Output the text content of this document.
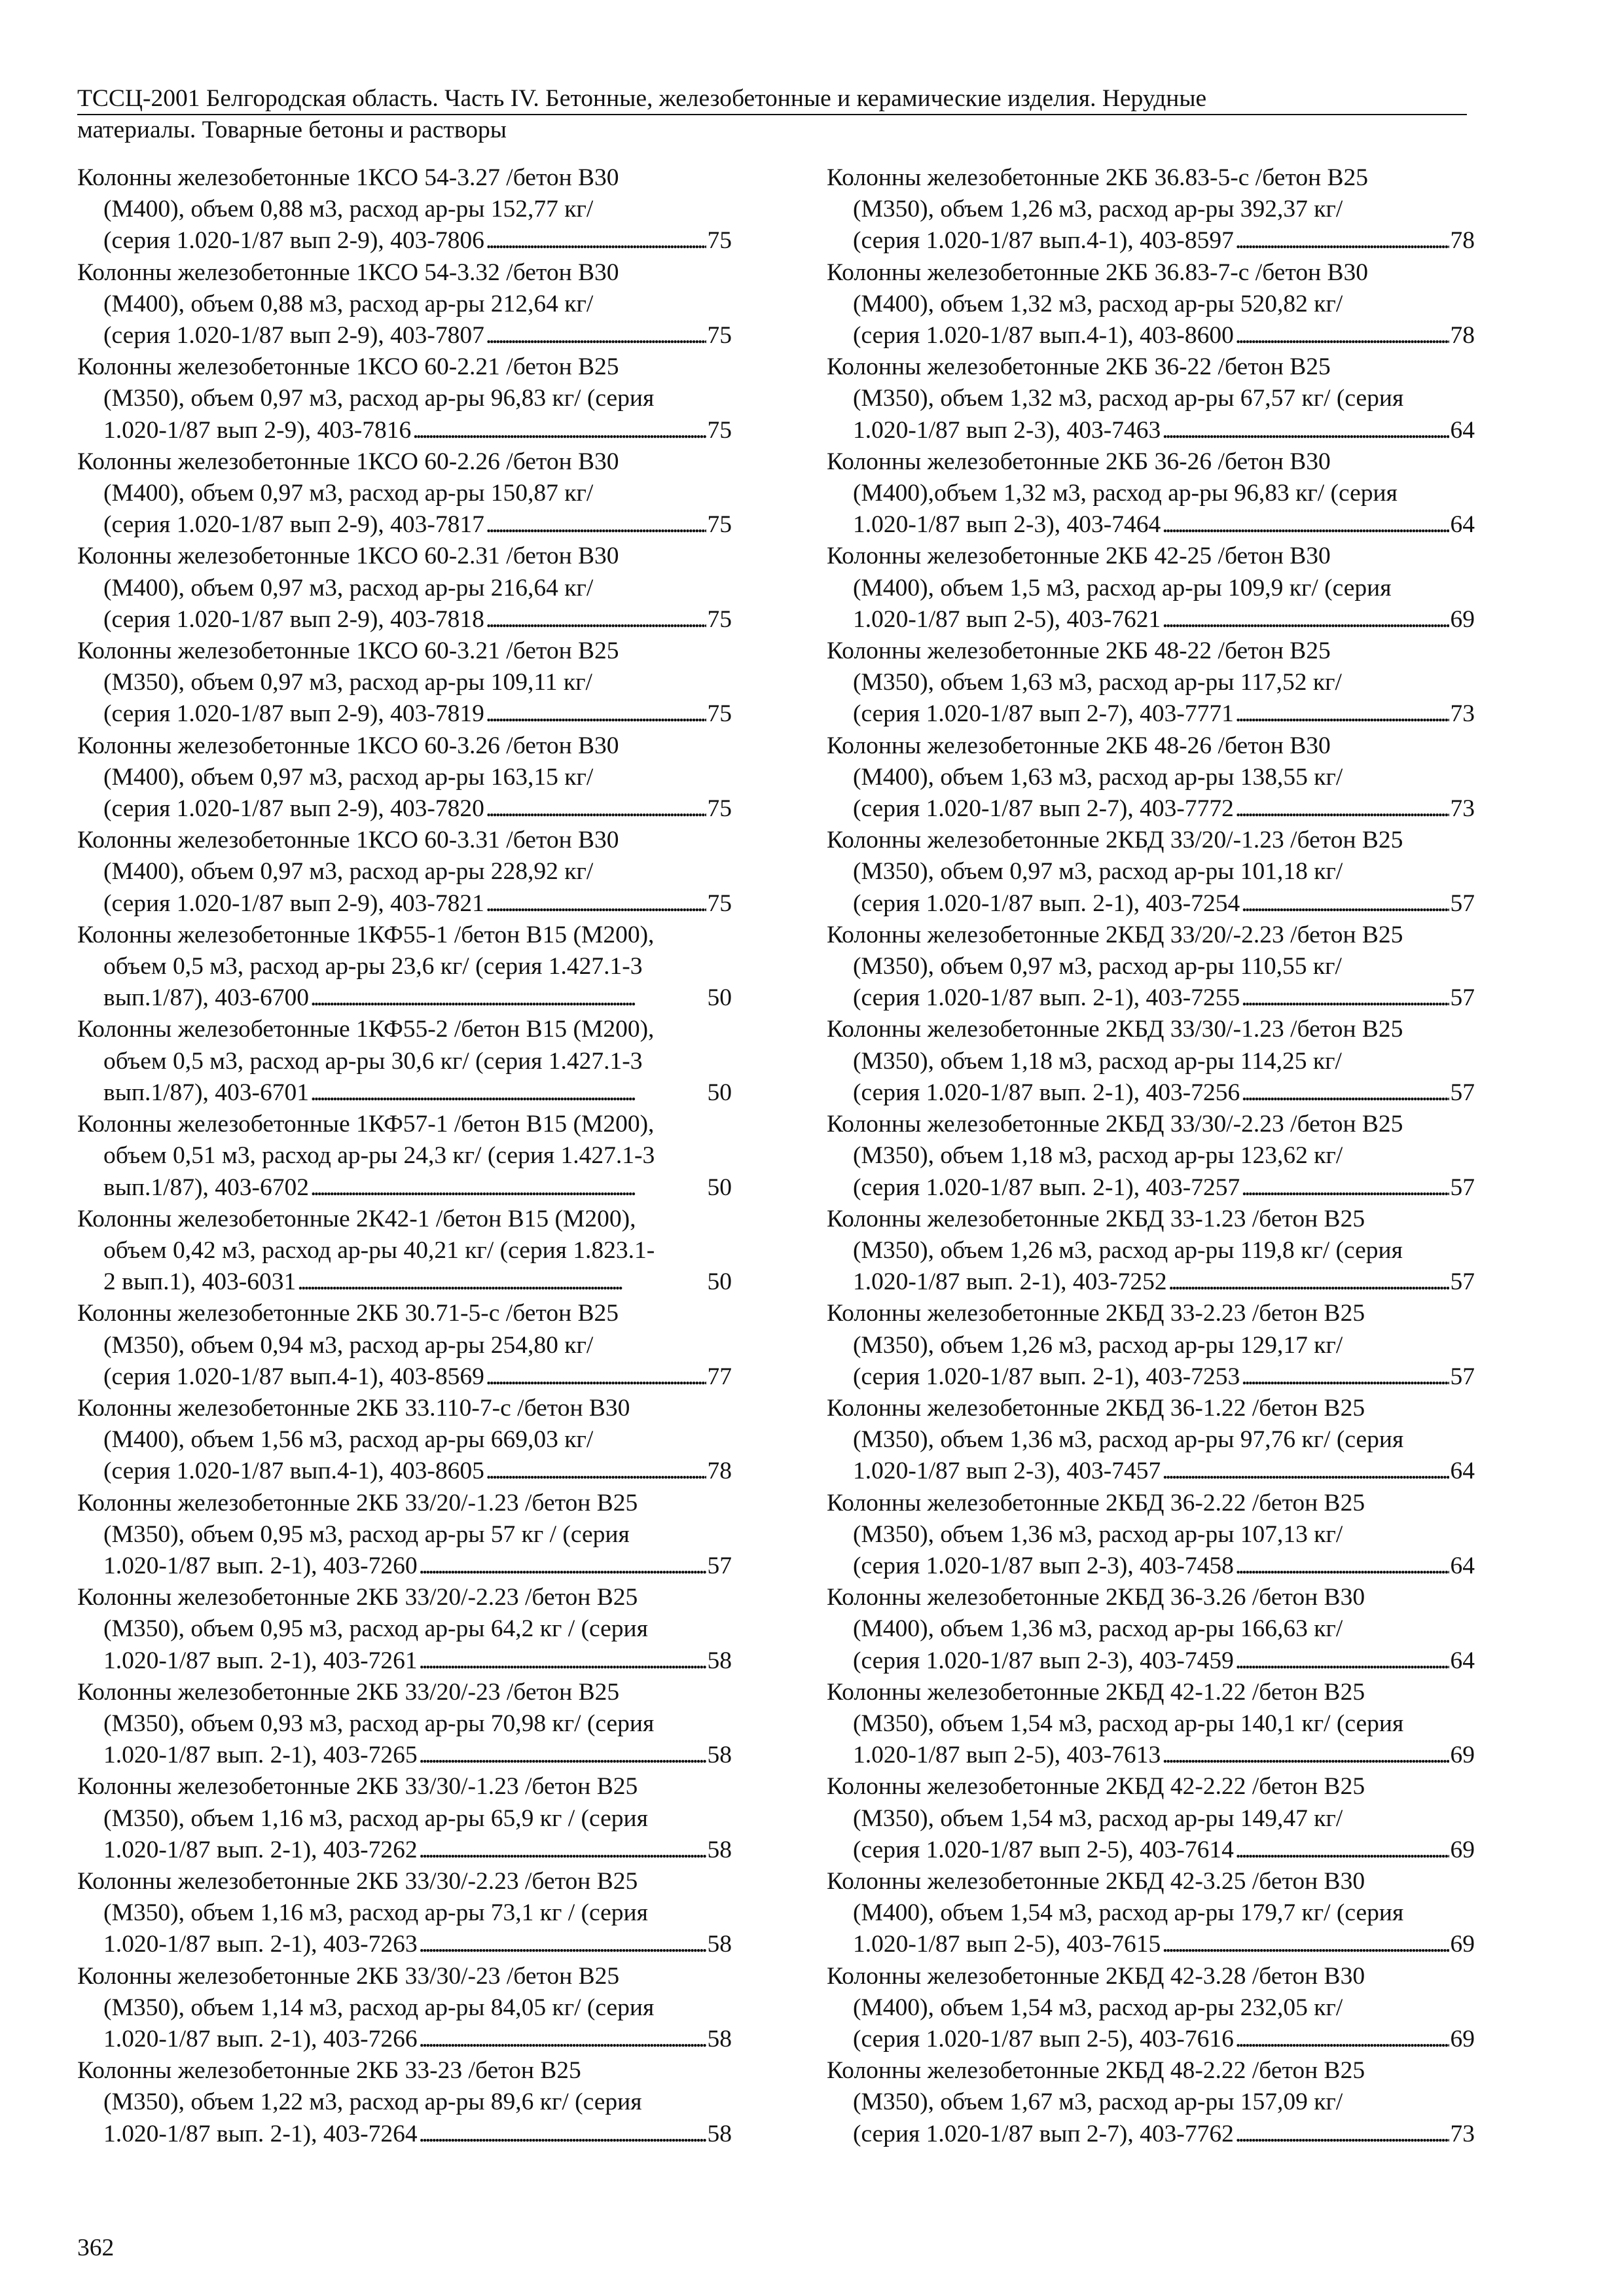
ТССЦ-2001 Белгородская область. Часть IV. Бетонные, железобетонные и керамические изделия. Нерудные
материалы. Товарные бетоны и растворы
Колонны железобетонные 1КСО 54-3.27 /бетон В30
(М400), объем 0,88 м3, расход ар-ры 152,77 кг/
(серия 1.020-1/87 вып 2-9), 403-7806 . . .	75
Колонны железобетонные 1КСО 54-3.32 /бетон В30
(М400), объем 0,88 м3, расход ар-ры 212,64 кг/
(серия 1.020-1/87 вып 2-9), 403-7807 . . .	75
Колонны железобетонные 1КСО 60-2.21 /бетон В25
(М350), объем 0,97 м3, расход ар-ры 96,83 кг/ (серия
1.020-1/87 вып 2-9), 403-7816 . . .	75
Колонны железобетонные 1КСО 60-2.26 /бетон В30
(М400), объем 0,97 м3, расход ар-ры 150,87 кг/
(серия 1.020-1/87 вып 2-9), 403-7817 . . .	75
Колонны железобетонные 1КСО 60-2.31 /бетон В30
(М400), объем 0,97 м3, расход ар-ры 216,64 кг/
(серия 1.020-1/87 вып 2-9), 403-7818 . . .	75
Колонны железобетонные 1КСО 60-3.21 /бетон В25
(М350), объем 0,97 м3, расход ар-ры 109,11 кг/
(серия 1.020-1/87 вып 2-9), 403-7819 . . .	75
Колонны железобетонные 1КСО 60-3.26 /бетон В30
(М400), объем 0,97 м3, расход ар-ры 163,15 кг/
(серия 1.020-1/87 вып 2-9), 403-7820 . . .	75
Колонны железобетонные 1КСО 60-3.31 /бетон В30
(М400), объем 0,97 м3, расход ар-ры 228,92 кг/
(серия 1.020-1/87 вып 2-9), 403-7821 . . .	75
Колонны железобетонные 1КФ55-1 /бетон В15 (М200),
объем 0,5 м3, расход ар-ры 23,6 кг/ (серия 1.427.1-3
вып.1/87), 403-6700 . . .	50
Колонны железобетонные 1КФ55-2 /бетон В15 (М200),
объем 0,5 м3, расход ар-ры 30,6 кг/ (серия 1.427.1-3
вып.1/87), 403-6701 . . .	50
Колонны железобетонные 1КФ57-1 /бетон В15 (М200),
объем 0,51 м3, расход ар-ры 24,3 кг/ (серия 1.427.1-3
вып.1/87), 403-6702 . . .	50
Колонны железобетонные 2К42-1 /бетон В15 (М200),
объем 0,42 м3, расход ар-ры 40,21 кг/ (серия 1.823.1-
2 вып.1), 403-6031 . . .	50
Колонны железобетонные 2КБ 30.71-5-с /бетон В25
(М350), объем 0,94 м3, расход ар-ры 254,80 кг/
(серия 1.020-1/87 вып.4-1), 403-8569 . . .	77
Колонны железобетонные 2КБ 33.110-7-с /бетон В30
(М400), объем 1,56 м3, расход ар-ры 669,03 кг/
(серия 1.020-1/87 вып.4-1), 403-8605 . . .	78
Колонны железобетонные 2КБ 33/20/-1.23 /бетон В25
(М350), объем 0,95 м3, расход ар-ры 57 кг / (серия
1.020-1/87 вып. 2-1), 403-7260 . . .	57
Колонны железобетонные 2КБ 33/20/-2.23 /бетон В25
(М350), объем 0,95 м3, расход ар-ры 64,2 кг / (серия
1.020-1/87 вып. 2-1), 403-7261 . . .	58
Колонны железобетонные 2КБ 33/20/-23 /бетон В25
(М350), объем 0,93 м3, расход ар-ры 70,98 кг/ (серия
1.020-1/87 вып. 2-1), 403-7265 . . .	58
Колонны железобетонные 2КБ 33/30/-1.23 /бетон В25
(М350), объем 1,16 м3, расход ар-ры 65,9 кг / (серия
1.020-1/87 вып. 2-1), 403-7262 . . .	58
Колонны железобетонные 2КБ 33/30/-2.23 /бетон В25
(М350), объем 1,16 м3, расход ар-ры 73,1 кг / (серия
1.020-1/87 вып. 2-1), 403-7263 . . .	58
Колонны железобетонные 2КБ 33/30/-23 /бетон В25
(М350), объем 1,14 м3, расход ар-ры 84,05 кг/ (серия
1.020-1/87 вып. 2-1), 403-7266 . . .	58
Колонны железобетонные 2КБ 33-23 /бетон В25
(М350), объем 1,22 м3, расход ар-ры 89,6 кг/ (серия
1.020-1/87 вып. 2-1), 403-7264 . . .	58
Колонны железобетонные 2КБ 36.83-5-с /бетон В25
(М350), объем 1,26 м3, расход ар-ры 392,37 кг/
(серия 1.020-1/87 вып.4-1), 403-8597 . . .	78
Колонны железобетонные 2КБ 36.83-7-с /бетон В30
(М400), объем 1,32 м3, расход ар-ры 520,82 кг/
(серия 1.020-1/87 вып.4-1), 403-8600 . . .	78
Колонны железобетонные 2КБ 36-22 /бетон В25
(М350), объем 1,32 м3, расход ар-ры 67,57 кг/ (серия
1.020-1/87 вып 2-3), 403-7463 . . .	64
Колонны железобетонные 2КБ 36-26 /бетон В30
(М400),объем 1,32 м3, расход ар-ры 96,83 кг/ (серия
1.020-1/87 вып 2-3), 403-7464 . . .	64
Колонны железобетонные 2КБ 42-25 /бетон В30
(М400), объем 1,5 м3, расход ар-ры 109,9 кг/ (серия
1.020-1/87 вып 2-5), 403-7621 . . .	69
Колонны железобетонные 2КБ 48-22 /бетон В25
(М350), объем 1,63 м3, расход ар-ры 117,52 кг/
(серия 1.020-1/87 вып 2-7), 403-7771 . . .	73
Колонны железобетонные 2КБ 48-26 /бетон В30
(М400), объем 1,63 м3, расход ар-ры 138,55 кг/
(серия 1.020-1/87 вып 2-7), 403-7772 . . .	73
Колонны железобетонные 2КБД 33/20/-1.23 /бетон В25
(М350), объем 0,97 м3, расход ар-ры 101,18 кг/
(серия 1.020-1/87 вып. 2-1), 403-7254 . . .	57
Колонны железобетонные 2КБД 33/20/-2.23 /бетон В25
(М350), объем 0,97 м3, расход ар-ры 110,55 кг/
(серия 1.020-1/87 вып. 2-1), 403-7255 . . .	57
Колонны железобетонные 2КБД 33/30/-1.23 /бетон В25
(М350), объем 1,18 м3, расход ар-ры 114,25 кг/
(серия 1.020-1/87 вып. 2-1), 403-7256 . . .	57
Колонны железобетонные 2КБД 33/30/-2.23 /бетон В25
(М350), объем 1,18 м3, расход ар-ры 123,62 кг/
(серия 1.020-1/87 вып. 2-1), 403-7257 . . .	57
Колонны железобетонные 2КБД 33-1.23 /бетон В25
(М350), объем 1,26 м3, расход ар-ры 119,8 кг/ (серия
1.020-1/87 вып. 2-1), 403-7252 . . .	57
Колонны железобетонные 2КБД 33-2.23 /бетон В25
(М350), объем 1,26 м3, расход ар-ры 129,17 кг/
(серия 1.020-1/87 вып. 2-1), 403-7253 . . .	57
Колонны железобетонные 2КБД 36-1.22 /бетон В25
(М350), объем 1,36 м3, расход ар-ры 97,76 кг/ (серия
1.020-1/87 вып 2-3), 403-7457 . . .	64
Колонны железобетонные 2КБД 36-2.22 /бетон В25
(М350), объем 1,36 м3, расход ар-ры 107,13 кг/
(серия 1.020-1/87 вып 2-3), 403-7458 . . .	64
Колонны железобетонные 2КБД 36-3.26 /бетон В30
(М400), объем 1,36 м3, расход ар-ры 166,63 кг/
(серия 1.020-1/87 вып 2-3), 403-7459 . . .	64
Колонны железобетонные 2КБД 42-1.22 /бетон В25
(М350), объем 1,54 м3, расход ар-ры 140,1 кг/ (серия
1.020-1/87 вып 2-5), 403-7613 . . .	69
Колонны железобетонные 2КБД 42-2.22 /бетон В25
(М350), объем 1,54 м3, расход ар-ры 149,47 кг/
(серия 1.020-1/87 вып 2-5), 403-7614 . . .	69
Колонны железобетонные 2КБД 42-3.25 /бетон В30
(М400), объем 1,54 м3, расход ар-ры 179,7 кг/ (серия
1.020-1/87 вып 2-5), 403-7615 . . .	69
Колонны железобетонные 2КБД 42-3.28 /бетон В30
(М400), объем 1,54 м3, расход ар-ры 232,05 кг/
(серия 1.020-1/87 вып 2-5), 403-7616 . . .	69
Колонны железобетонные 2КБД 48-2.22 /бетон В25
(М350), объем 1,67 м3, расход ар-ры 157,09 кг/
(серия 1.020-1/87 вып 2-7), 403-7762 . . .	73
362
